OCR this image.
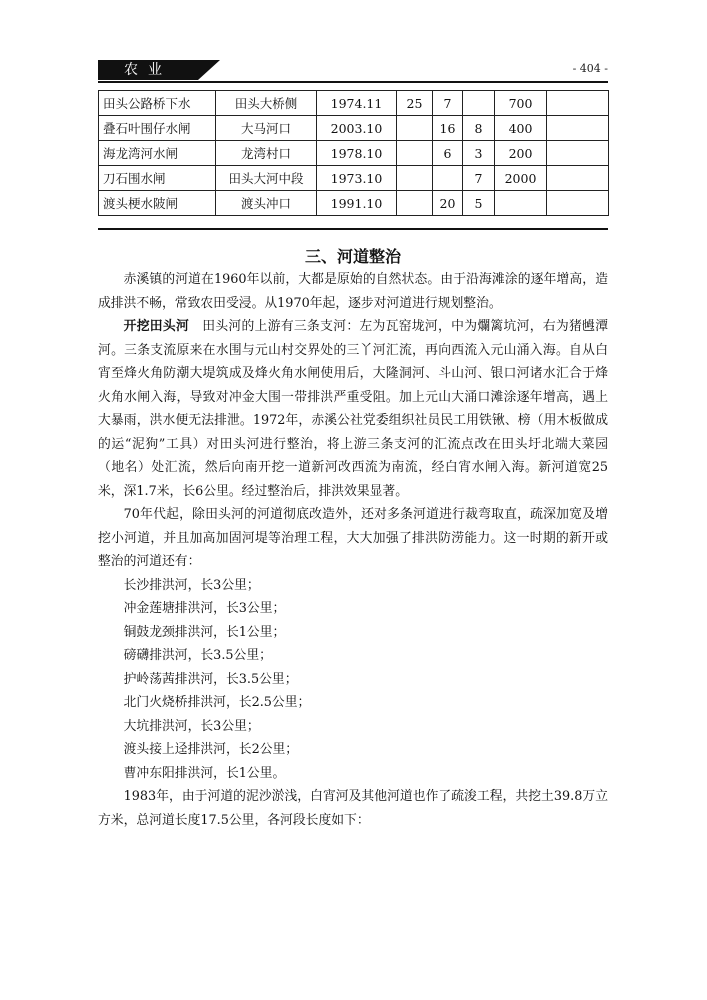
农业	- 404 -
田头公路桥下水	田头大桥侧	1974.11	25	7		700	
叠石叶围仔水闸	大马河口	2003.10		16	8	400	
海龙湾河水闸	龙湾村口	1978.10		6	3	200	
刀石围水闸	田头大河中段	1973.10			7	2000	
渡头梗水陂闸	渡头冲口	1991.10		20	5		
三、河道整治

赤溪镇的河道在1960年以前，大都是原始的自然状态。由于沿海滩涂的逐年增高，造成排洪不畅，常致农田受浸。从1970年起，逐步对河道进行规划整治。

开挖田头河　 田头河的上游有三条支河：左为瓦窑垅河，中为爛篱坑河，右为猪乸潭河。三条支流原来在水围与元山村交界处的三丫河汇流，再向西流入元山涌入海。自从白宵至烽火角防潮大堤筑成及烽火角水闸使用后，大隆洞河、斗山河、银口河诸水汇合于烽火角水闸入海，导致对冲金大围一带排洪严重受阻。加上元山大涌口滩涂逐年增高，遇上大暴雨，洪水便无法排泄。1972年，赤溪公社党委组织社员民工用铁锹、榜（用木板做成的运“泥狗”工具）对田头河进行整治，将上游三条支河的汇流点改在田头圩北端大菜园（地名）处汇流，然后向南开挖一道新河改西流为南流，经白宵水闸入海。新河道宽25米，深1.7米，长6公里。经过整治后，排洪效果显著。

70年代起，除田头河的河道彻底改造外，还对多条河道进行裁弯取直，疏深加宽及增挖小河道，并且加高加固河堤等治理工程，大大加强了排洪防涝能力。这一时期的新开或整治的河道还有：

长沙排洪河，长3公里；
冲金莲塘排洪河，长3公里；
铜鼓龙颈排洪河，长1公里；
磅礴排洪河，长3.5公里；
护岭荡茜排洪河，长3.5公里；
北门火烧桥排洪河，长2.5公里；
大坑排洪河，长3公里；
渡头接上迳排洪河，长2公里；
曹冲东阳排洪河，长1公里。

1983年，由于河道的泥沙淤浅，白宵河及其他河道也作了疏浚工程，共挖土39.8万立方米，总河道长度17.5公里，各河段长度如下：
